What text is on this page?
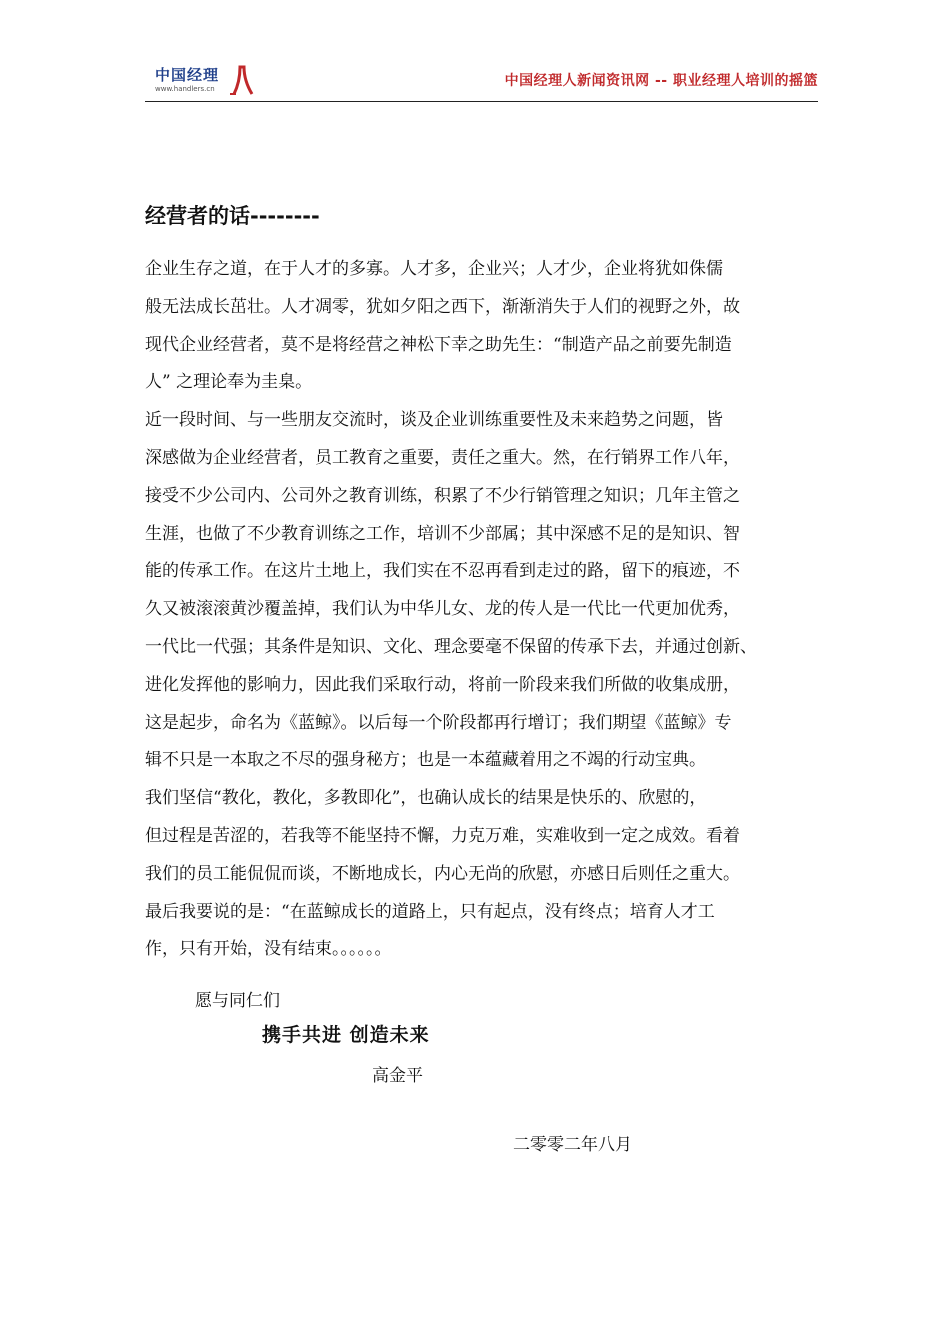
中国经理
www.handlers.cn	中国经理人新闻资讯网 -- 职业经理人培训的摇篮
经营者的话--------
企业生存之道，在于人才的多寡。人才多，企业兴；人才少，企业将犹如侏儒
般无法成长茁壮。人才凋零，犹如夕阳之西下，渐渐消失于人们的视野之外，故
现代企业经营者，莫不是将经营之神松下幸之助先生：“制造产品之前要先制造
人” 之理论奉为圭臬。
近一段时间、与一些朋友交流时，谈及企业训练重要性及未来趋势之问题，皆
深感做为企业经营者，员工教育之重要，责任之重大。然，在行销界工作八年，
接受不少公司内、公司外之教育训练，积累了不少行销管理之知识；几年主管之
生涯，也做了不少教育训练之工作，培训不少部属；其中深感不足的是知识、智
能的传承工作。在这片土地上，我们实在不忍再看到走过的路，留下的痕迹，不
久又被滚滚黄沙覆盖掉，我们认为中华儿女、龙的传人是一代比一代更加优秀，
一代比一代强；其条件是知识、文化、理念要毫不保留的传承下去，并通过创新、
进化发挥他的影响力，因此我们采取行动，将前一阶段来我们所做的收集成册，
这是起步，命名为《蓝鲸》。以后每一个阶段都再行增订；我们期望《蓝鲸》专
辑不只是一本取之不尽的强身秘方；也是一本蕴藏着用之不竭的行动宝典。
我们坚信“教化，教化，多教即化”，也确认成长的结果是快乐的、欣慰的，
但过程是苦涩的，若我等不能坚持不懈，力克万难，实难收到一定之成效。看着
我们的员工能侃侃而谈，不断地成长，内心无尚的欣慰，亦感日后则任之重大。
最后我要说的是：“在蓝鲸成长的道路上，只有起点，没有终点；培育人才工
作，只有开始，没有结束。。。。。。
愿与同仁们
携手共进 创造未来
高金平
二零零二年八月
